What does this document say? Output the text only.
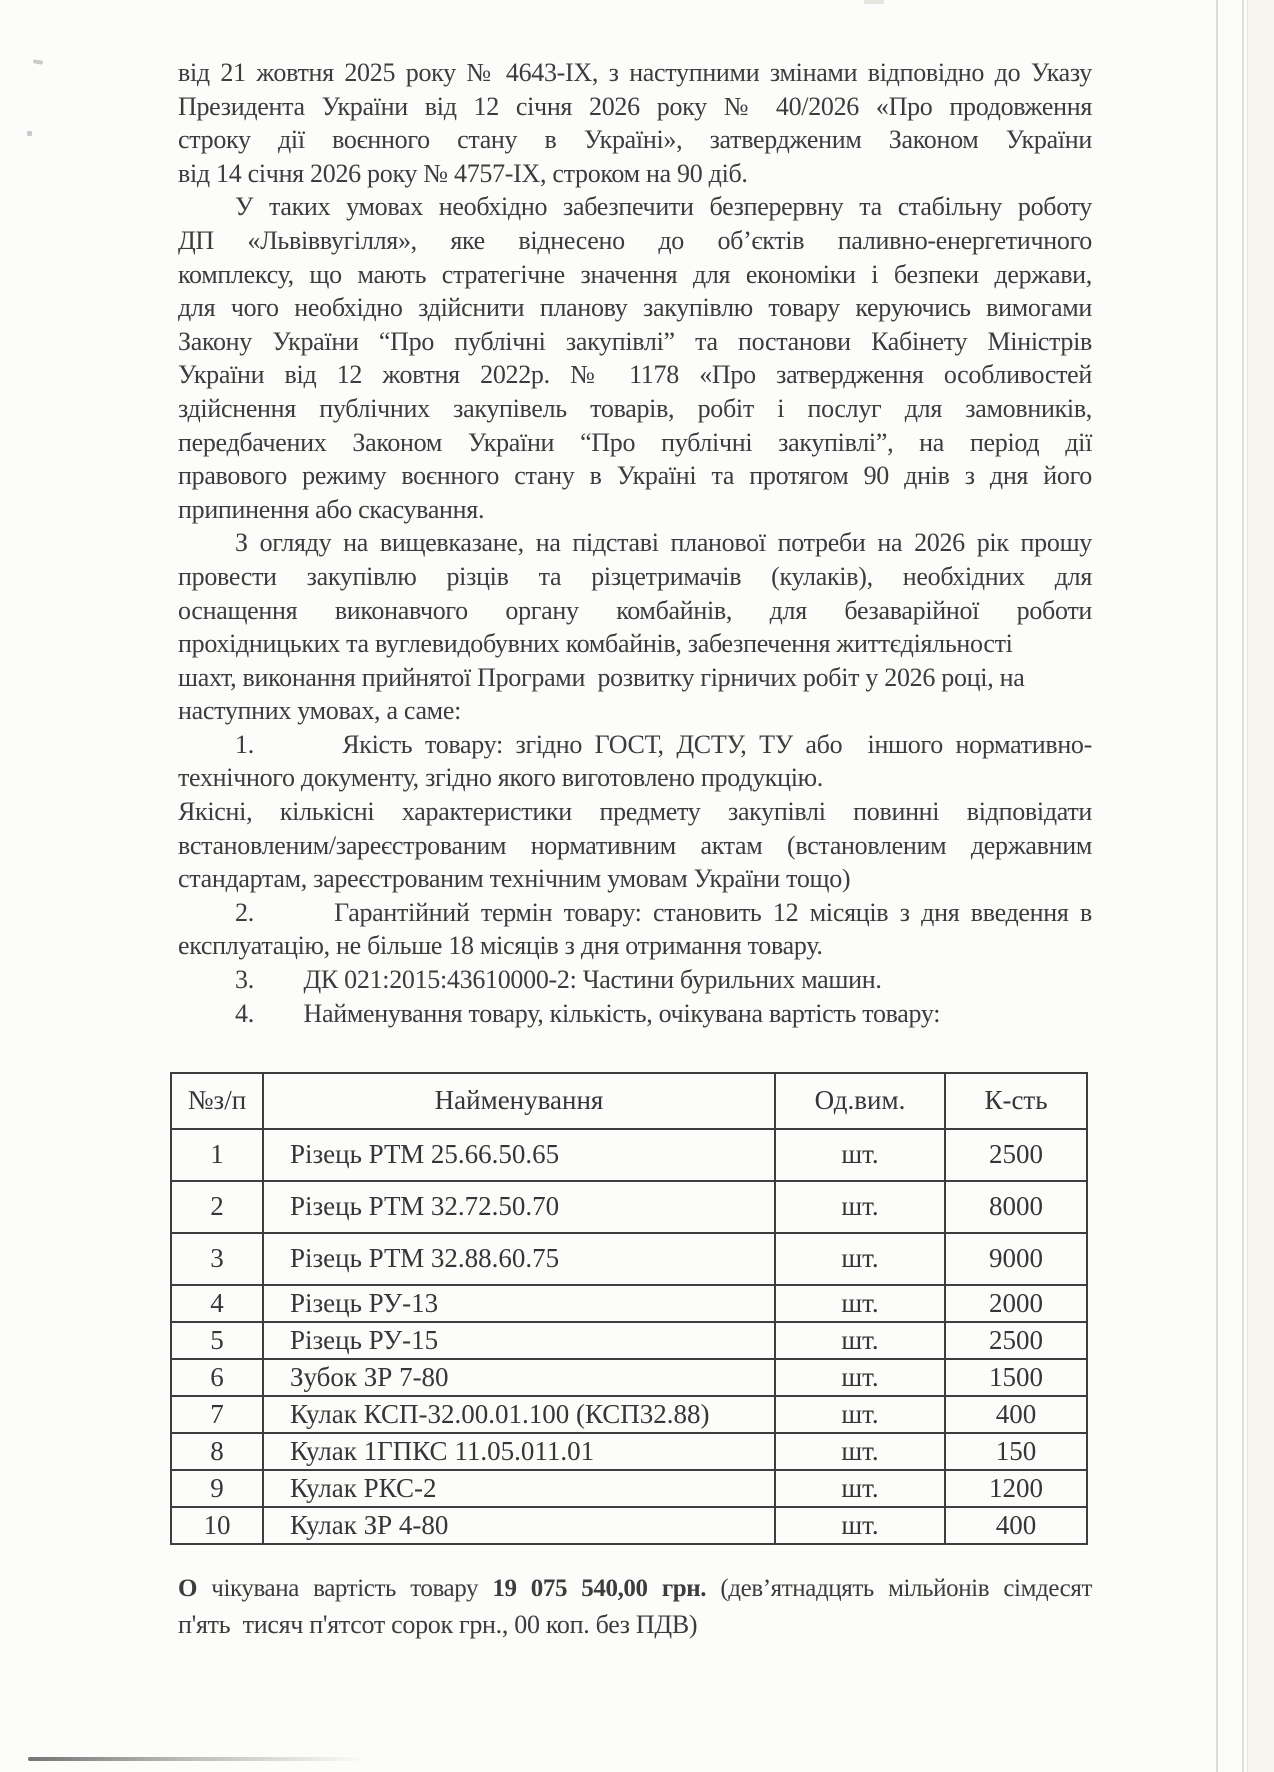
від 21 жовтня 2025 року № 4643-IX, з наступними змінами відповідно до Указу
Президента України від 12 січня 2026 року № 40/2026 «Про продовження
строку дії воєнного стану в Україні», затвердженим Законом України
від 14 січня 2026 року № 4757-IX, строком на 90 діб.
У таких умовах необхідно забезпечити безперервну та стабільну роботу
ДП «Львіввугілля», яке віднесено до об’єктів паливно-енергетичного
комплексу, що мають стратегічне значення для економіки і безпеки держави,
для чого необхідно здійснити планову закупівлю товару керуючись вимогами
Закону України “Про публічні закупівлі” та постанови Кабінету Міністрів
України від 12 жовтня 2022р. № 1178 «Про затвердження особливостей
здійснення публічних закупівель товарів, робіт і послуг для замовників,
передбачених Законом України “Про публічні закупівлі”, на період дії
правового режиму воєнного стану в Україні та протягом 90 днів з дня його
припинення або скасування.
З огляду на вищевказане, на підставі планової потреби на 2026 рік прошу
провести закупівлю різців та різцетримачів (кулаків), необхідних для
оснащення виконавчого органу комбайнів, для безаварійної роботи
прохідницьких та вуглевидобувних комбайнів, забезпечення життєдіяльності
шахт, виконання прийнятої Програми  розвитку гірничих робіт у 2026 році, на
наступних умовах, а саме:
1.       Якість товару: згідно ГОСТ, ДСТУ, ТУ або  іншого нормативно-
технічного документу, згідно якого виготовлено продукцію.
Якісні, кількісні характеристики предмету закупівлі повинні відповідати
встановленим/зареєстрованим нормативним актам (встановленим державним
стандартам, зареєстрованим технічним умовам України тощо)
2.       Гарантійний термін товару: становить 12 місяців з дня введення в
експлуатацію, не більше 18 місяців з дня отримання товару.
3.        ДК 021:2015:43610000-2: Частини бурильних машин.
4.        Найменування товару, кількість, очікувана вартість товару:
№з/п	Найменування	Од.вим.	К-сть
1	Різець РТМ 25.66.50.65	шт.	2500
2	Різець РТМ 32.72.50.70	шт.	8000
3	Різець РТМ 32.88.60.75	шт.	9000
4	Різець РУ-13	шт.	2000
5	Різець РУ-15	шт.	2500
6	Зубок ЗР 7-80	шт.	1500
7	Кулак КСП-32.00.01.100 (КСП32.88)	шт.	400
8	Кулак 1ГПКС 11.05.011.01	шт.	150
9	Кулак РКС-2	шт.	1200
10	Кулак ЗР 4-80	шт.	400
О чікувана вартість товару 19 075 540,00 грн. (дев’ятнадцять мільйонів сімдесят
п'ять  тисяч п'ятсот сорок грн., 00 коп. без ПДВ)
